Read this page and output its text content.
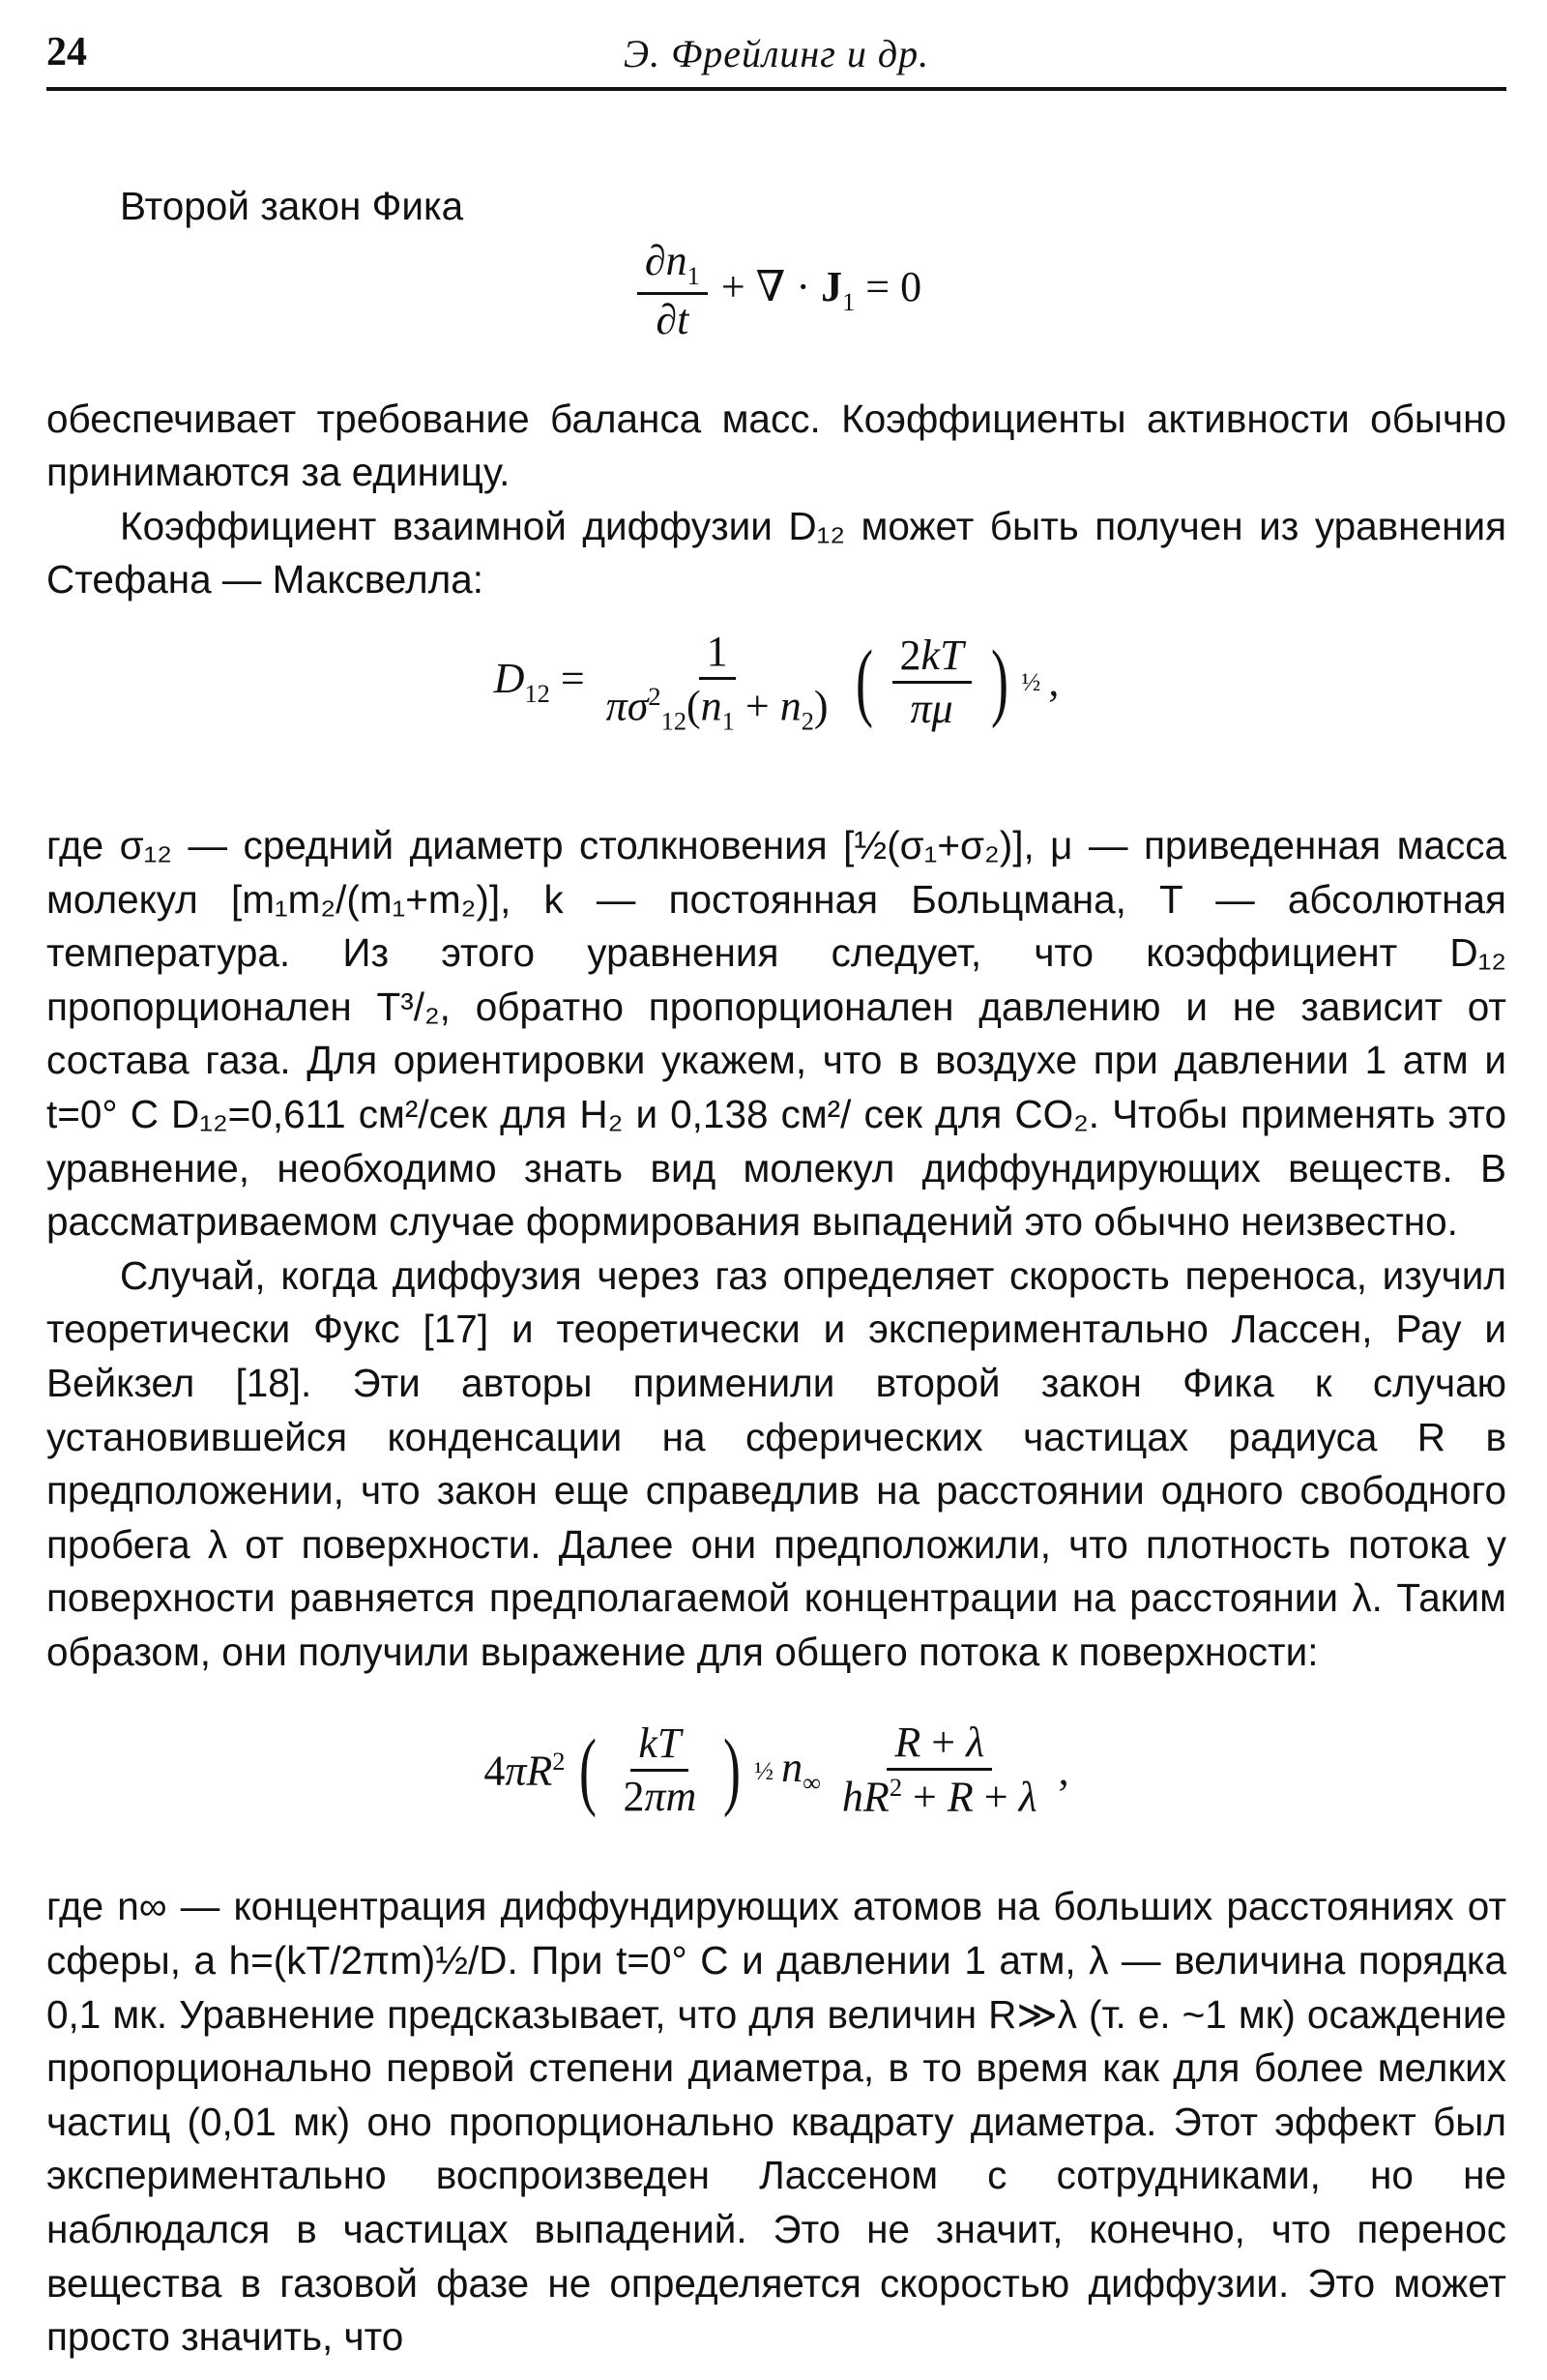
24	Э. Фрейлинг и др.

Второй закон Фика

$\frac{\partial n_1}{\partial t}$ + ∇ · $J_1 = 0$

обеспечивает требование баланса масс. Коэффициенты активности обычно принимаются за единицу.

Коэффициент взаимной диффузии D₁₂ может быть получен из уравнения Стефана — Максвелла:

$D_{12} = \frac{1}{\pi\sigma^2_{12}(n_1 + n_2)}$ ( $\frac{2kT}{\pi\mu}$ ) ½ ,

где σ₁₂ — средний диаметр столкновения [½(σ₁+σ₂)], μ — приведенная масса молекул [m₁m₂/(m₁+m₂)], k — постоянная Больцмана, T — абсолютная температура. Из этого уравнения следует, что коэффициент D₁₂ пропорционален T³/₂, обратно пропорционален давлению и не зависит от состава газа. Для ориентировки укажем, что в воздухе при давлении 1 атм и t=0° C D₁₂=0,611 см²/сек для H₂ и 0,138 см²/ сек для CO₂. Чтобы применять это уравнение, необходимо знать вид молекул диффундирующих веществ. В рассматриваемом случае формирования выпадений это обычно неизвестно.

Случай, когда диффузия через газ определяет скорость переноса, изучил теоретически Фукс [17] и теоретически и экспериментально Лассен, Рау и Вейкзел [18]. Эти авторы применили второй закон Фика к случаю установившейся конденсации на сферических частицах радиуса R в предположении, что закон еще справедлив на расстоянии одного свободного пробега λ от поверхности. Далее они предположили, что плотность потока у поверхности равняется предполагаемой концентрации на расстоянии λ. Таким образом, они получили выражение для общего потока к поверхности:

$4\pi R^2$ ( $\frac{kT}{2\pi m}$ ) ½ $n_\infty \frac{R + \lambda}{hR^2 + R + \lambda}$ ,

где n∞ — концентрация диффундирующих атомов на больших расстояниях от сферы, а h=(kT/2πm)½/D. При t=0° C и давлении 1 атм, λ — величина порядка 0,1 мк. Уравнение предсказывает, что для величин R≫λ (т. е. ~1 мк) осаждение пропорционально первой степени диаметра, в то время как для более мелких частиц (0,01 мк) оно пропорционально квадрату диаметра. Этот эффект был экспериментально воспроизведен Лассеном с сотрудниками, но не наблюдался в частицах выпадений. Это не значит, конечно, что перенос вещества в газовой фазе не определяется скоростью диффузии. Это может просто значить, что
